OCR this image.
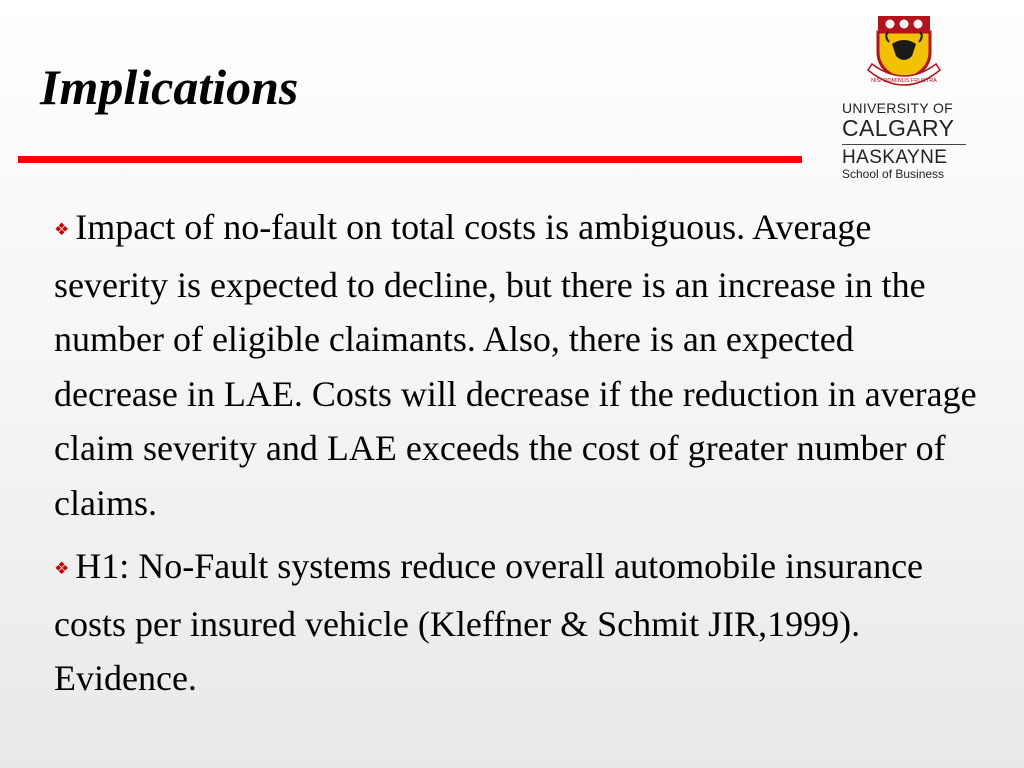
Implications

❖ Impact of no-fault on total costs is ambiguous. Average severity is expected to decline, but there is an increase in the number of eligible claimants. Also, there is an expected decrease in LAE. Costs will decrease if the reduction in average claim severity and LAE exceeds the cost of greater number of claims.

❖ H1: No-Fault systems reduce overall automobile insurance costs per insured vehicle (Kleffner & Schmit JIR,1999). Evidence.

NISI DOMINUS FRUSTRA
UNIVERSITY OF
CALGARY
HASKAYNE
School of Business
